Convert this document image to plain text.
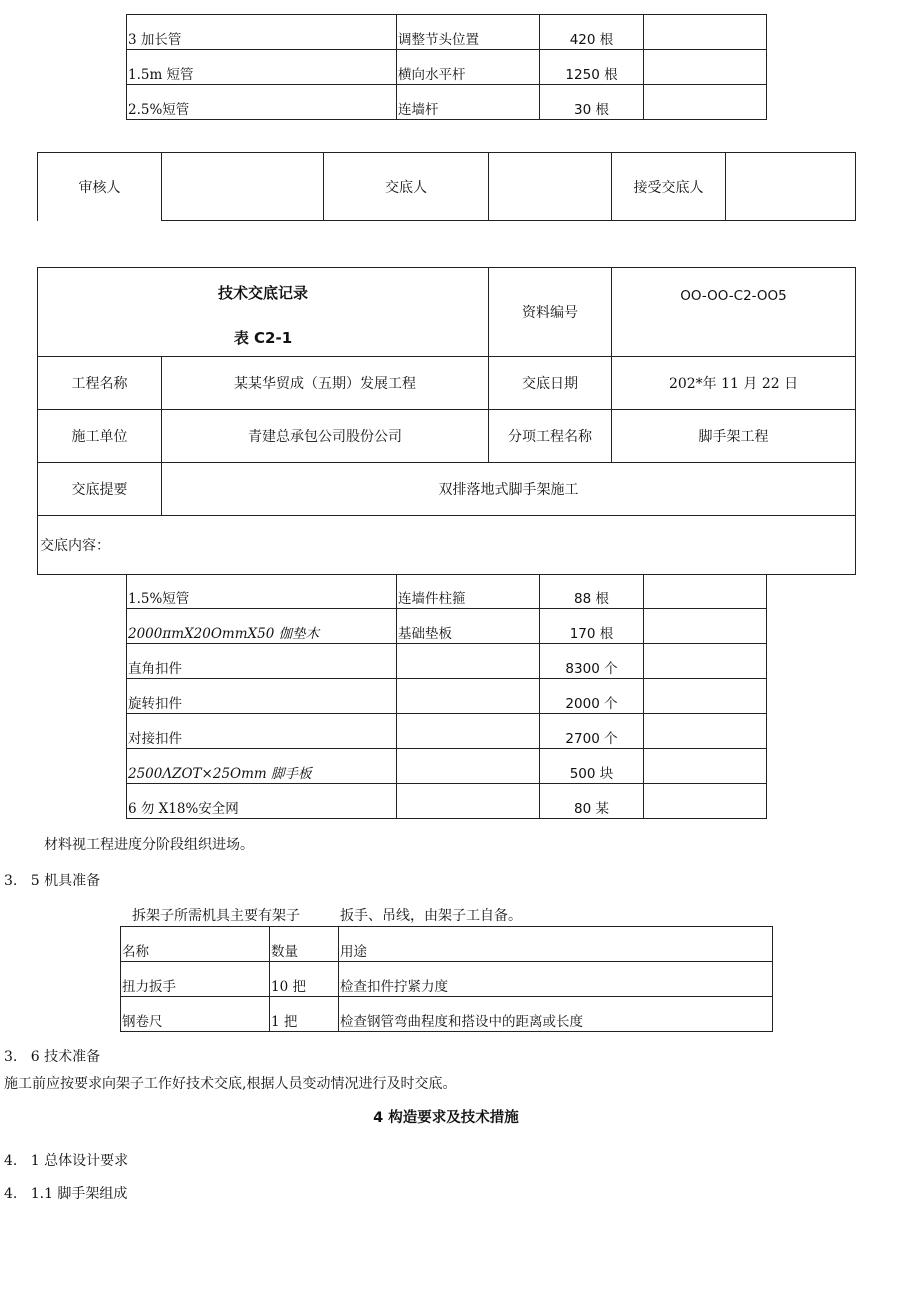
3 加长管	调整节头位置	420 根	

1.5m 短管	横向水平杆	1250 根	

2.5%短管	连墙杆	30 根	

审核人		交底人		接受交底人	
技术交底记录
表 C2-1		资料编号	OO-OO-C2-OO5

工程名称	某某华贸成（五期）发展工程	交底日期	202*年 11 月 22 日
施工单位	青建总承包公司股份公司	分项工程名称	脚手架工程
交底提要	双排落地式脚手架施工		
交底内容：			
1.5%短管	连墙件柱箍	88 根	

2000πmX20OmmX50 伽垫木	基础垫板	170 根	

直角扣件		8300 个	

旋转扣件		2000 个	

对接扣件		2700 个	

2500ΛZOT×25Omm 脚手板		500 块	

6 勿 X18%安全网		80 某	

材料视工程进度分阶段组织进场。
3.   5 机具准备
拆架子所需机具主要有架子	扳手、吊线，由架子工自备。
名称	数量	用途

扭力扳手	10 把	检查扣件拧紧力度

钢卷尺	1 把	检查钢管弯曲程度和搭设中的距离或长度
3.   6 技术准备
施工前应按要求向架子工作好技术交底,根据人员变动情况进行及时交底。
4 构造要求及技术措施
4.   1 总体设计要求
4.   1.1 脚手架组成
